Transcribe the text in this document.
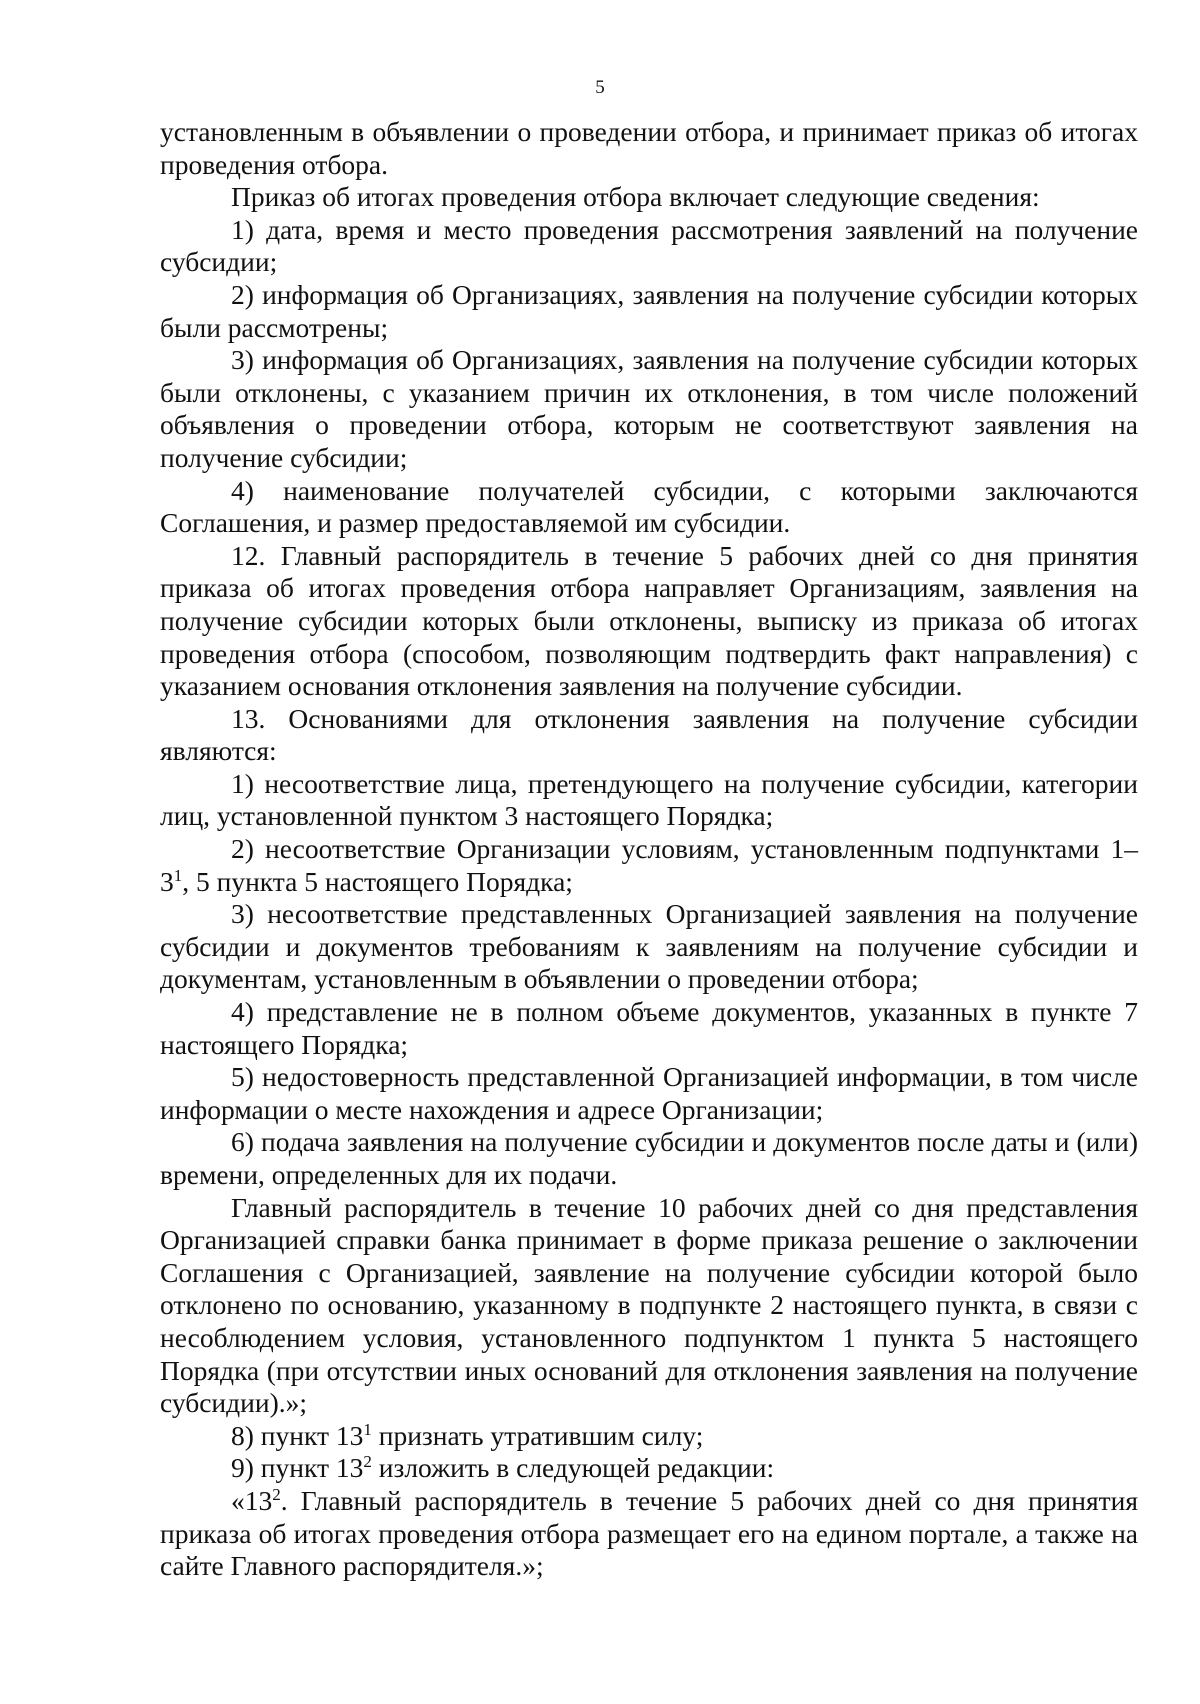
5

установленным в объявлении о проведении отбора, и принимает приказ об итогах проведения отбора.

Приказ об итогах проведения отбора включает следующие сведения:

1) дата, время и место проведения рассмотрения заявлений на получение субсидии;

2) информация об Организациях, заявления на получение субсидии которых были рассмотрены;

3) информация об Организациях, заявления на получение субсидии которых были отклонены, с указанием причин их отклонения, в том числе положений объявления о проведении отбора, которым не соответствуют заявления на получение субсидии;

4) наименование получателей субсидии, с которыми заключаются Соглашения, и размер предоставляемой им субсидии.

12. Главный распорядитель в течение 5 рабочих дней со дня принятия приказа об итогах проведения отбора направляет Организациям, заявления на получение субсидии которых были отклонены, выписку из приказа об итогах проведения отбора (способом, позволяющим подтвердить факт направления) с указанием основания отклонения заявления на получение субсидии.

13. Основаниями для отклонения заявления на получение субсидии являются:

1) несоответствие лица, претендующего на получение субсидии, категории лиц, установленной пунктом 3 настоящего Порядка;

2) несоответствие Организации условиям, установленным подпунктами $1-3^1$, 5 пункта 5 настоящего Порядка;

3) несоответствие представленных Организацией заявления на получение субсидии и документов требованиям к заявлениям на получение субсидии и документам, установленным в объявлении о проведении отбора;

4) представление не в полном объеме документов, указанных в пункте 7 настоящего Порядка;

5) недостоверность представленной Организацией информации, в том числе информации о месте нахождения и адресе Организации;

6) подача заявления на получение субсидии и документов после даты и (или) времени, определенных для их подачи.

Главный распорядитель в течение 10 рабочих дней со дня представления Организацией справки банка принимает в форме приказа решение о заключении Соглашения с Организацией, заявление на получение субсидии которой было отклонено по основанию, указанному в подпункте 2 настоящего пункта, в связи с несоблюдением условия, установленного подпунктом 1 пункта 5 настоящего Порядка (при отсутствии иных оснований для отклонения заявления на получение субсидии).»;

8) пункт $13^1$ признать утратившим силу;

9) пункт $13^2$ изложить в следующей редакции:

«$13^2$. Главный распорядитель в течение 5 рабочих дней со дня принятия приказа об итогах проведения отбора размещает его на едином портале, а также на сайте Главного распорядителя.»;
